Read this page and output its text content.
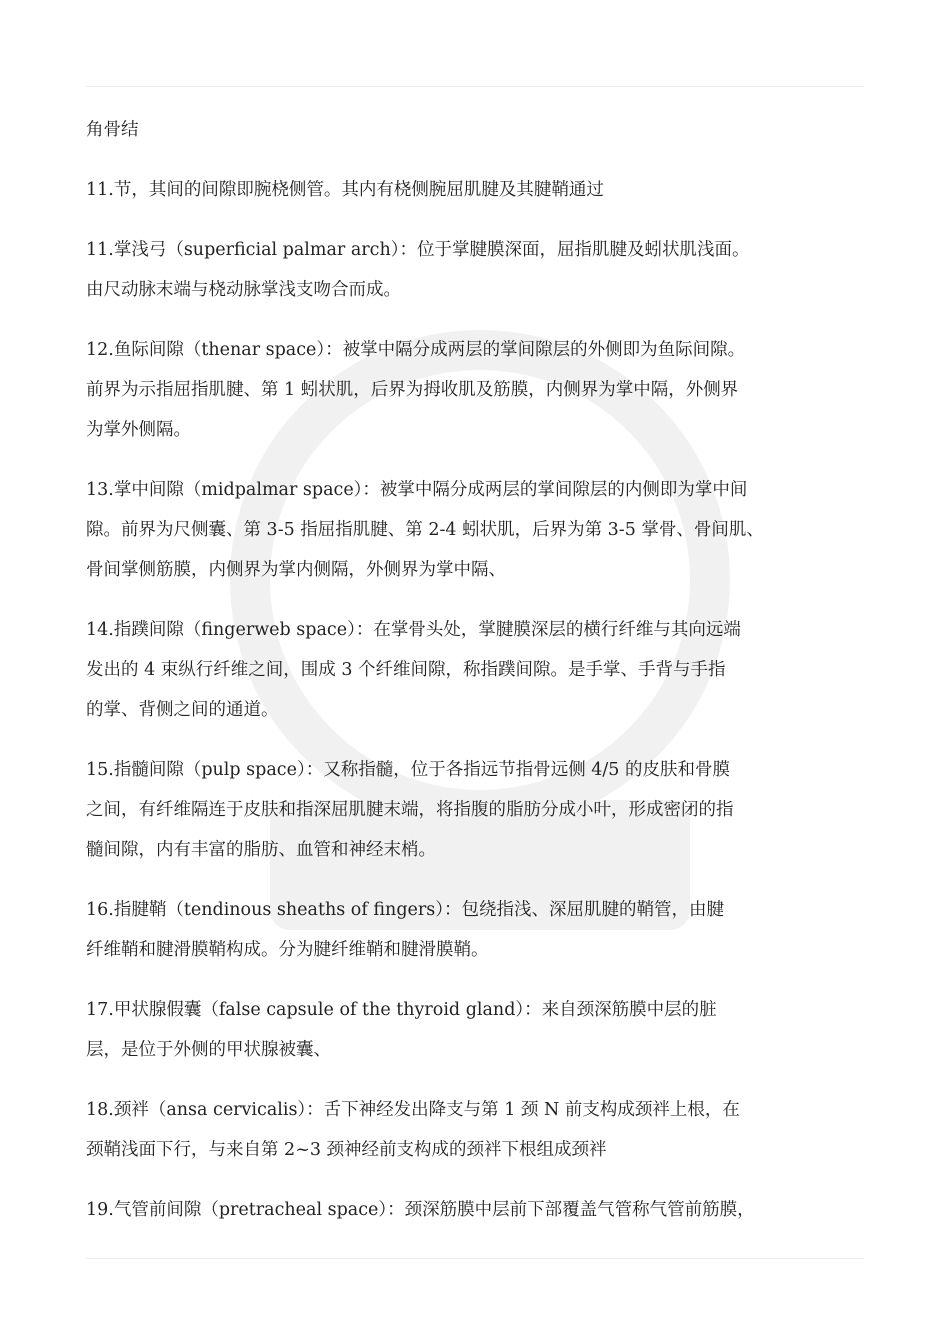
角骨结

11.节，其间的间隙即腕桡侧管。其内有桡侧腕屈肌腱及其腱鞘通过

11.掌浅弓（superficial palmar arch）：位于掌腱膜深面，屈指肌腱及蚓状肌浅面。
由尺动脉末端与桡动脉掌浅支吻合而成。

12.鱼际间隙（thenar space）：被掌中隔分成两层的掌间隙层的外侧即为鱼际间隙。
前界为示指屈指肌腱、第 1 蚓状肌，后界为拇收肌及筋膜，内侧界为掌中隔，外侧界
为掌外侧隔。

13.掌中间隙（midpalmar space）：被掌中隔分成两层的掌间隙层的内侧即为掌中间
隙。前界为尺侧囊、第 3-5 指屈指肌腱、第 2-4 蚓状肌，后界为第 3-5 掌骨、骨间肌、
骨间掌侧筋膜，内侧界为掌内侧隔，外侧界为掌中隔、

14.指蹼间隙（fingerweb space）：在掌骨头处，掌腱膜深层的横行纤维与其向远端
发出的 4 束纵行纤维之间，围成 3 个纤维间隙，称指蹼间隙。是手掌、手背与手指
的掌、背侧之间的通道。

15.指髓间隙（pulp space）：又称指髓，位于各指远节指骨远侧 4/5 的皮肤和骨膜
之间，有纤维隔连于皮肤和指深屈肌腱末端，将指腹的脂肪分成小叶，形成密闭的指
髓间隙，内有丰富的脂肪、血管和神经末梢。

16.指腱鞘（tendinous sheaths of fingers）：包绕指浅、深屈肌腱的鞘管，由腱
纤维鞘和腱滑膜鞘构成。分为腱纤维鞘和腱滑膜鞘。

17.甲状腺假囊（false capsule of the thyroid gland）：来自颈深筋膜中层的脏
层，是位于外侧的甲状腺被囊、

18.颈袢（ansa cervicalis）：舌下神经发出降支与第 1 颈 N 前支构成颈袢上根，在
颈鞘浅面下行，与来自第 2~3 颈神经前支构成的颈袢下根组成颈袢

19.气管前间隙（pretracheal space）：颈深筋膜中层前下部覆盖气管称气管前筋膜，
